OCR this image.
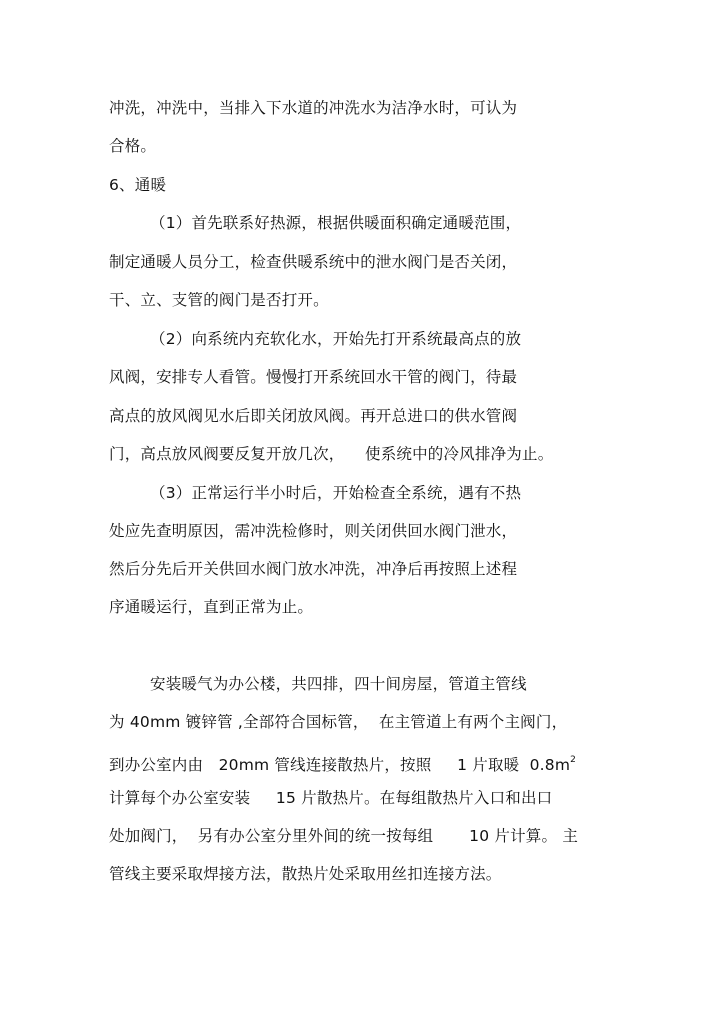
冲洗，冲洗中，当排入下水道的冲洗水为洁净水时，可认为
合格。
6、通暖
（1）首先联系好热源，根据供暖面积确定通暖范围，
制定通暖人员分工，检查供暖系统中的泄水阀门是否关闭，
干、立、支管的阀门是否打开。
（2）向系统内充软化水，开始先打开系统最高点的放
风阀，安排专人看管。慢慢打开系统回水干管的阀门，待最
高点的放风阀见水后即关闭放风阀。再开总进口的供水管阀
门，高点放风阀要反复开放几次，    使系统中的冷风排净为止。
（3）正常运行半小时后，开始检查全系统，遇有不热
处应先查明原因，需冲洗检修时，则关闭供回水阀门泄水，
然后分先后开关供回水阀门放水冲洗，冲净后再按照上述程
序通暖运行，直到正常为止。
安装暖气为办公楼，共四排，四十间房屋，管道主管线
为 40mm 镀锌管 ,全部符合国标管，  在主管道上有两个主阀门，
到办公室内由   20mm 管线连接散热片，按照     1 片取暖  $0.8m^2$
计算每个办公室安装     15 片散热片。在每组散热片入口和出口
处加阀门，  另有办公室分里外间的统一按每组       10 片计算。 主
管线主要采取焊接方法，散热片处采取用丝扣连接方法。
